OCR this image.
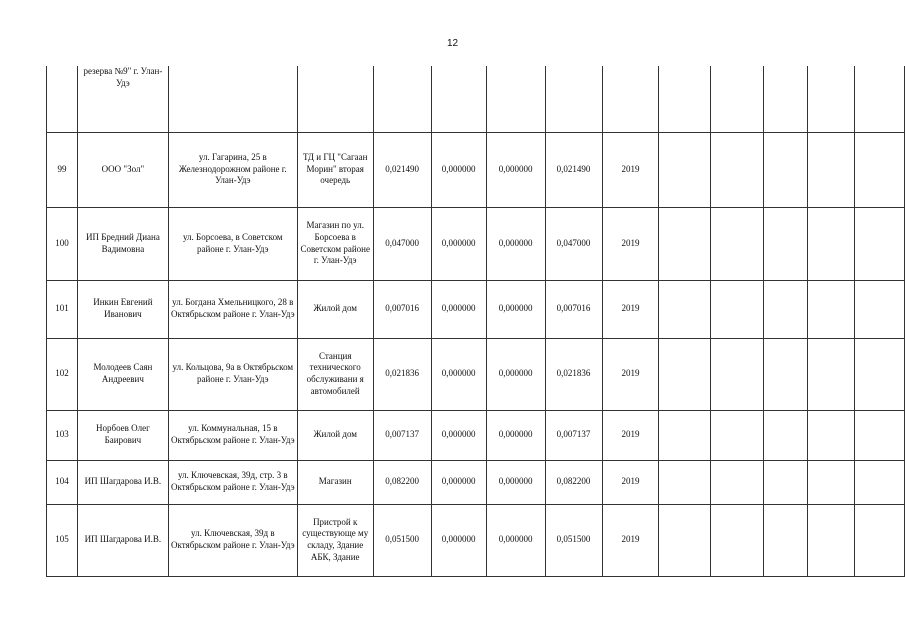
12
	резерва №9" г. Улан-Удэ												
99	ООО "Зол"	ул. Гагарина, 25 в Железнодорожном районе г. Улан-Удэ	ТД и ГЦ "Сагаан Морин" вторая очередь	0,021490	0,000000	0,000000	0,021490	2019					
100	ИП Бредний Диана Вадимовна	ул. Борсоева, в Советском районе г. Улан-Удэ	Магазин по ул. Борсоева в Советском районе г. Улан-Удэ	0,047000	0,000000	0,000000	0,047000	2019					
101	Инкин Евгений Иванович	ул. Богдана Хмельницкого, 28 в Октябрьском районе г. Улан-Удэ	Жилой дом	0,007016	0,000000	0,000000	0,007016	2019					
102	Молодеев Саян Андреевич	ул. Кольцова, 9а в Октябрьском районе г. Улан-Удэ	Станция технического обслуживани я автомобилей	0,021836	0,000000	0,000000	0,021836	2019					
103	Норбоев Олег Баирович	ул. Коммунальная, 15 в Октябрьском районе г. Улан-Удэ	Жилой дом	0,007137	0,000000	0,000000	0,007137	2019					
104	ИП Шагдарова И.В.	ул. Ключевская, 39д, стр. 3 в Октябрьском районе г. Улан-Удэ	Магазин	0,082200	0,000000	0,000000	0,082200	2019					
105	ИП Шагдарова И.В.	ул. Ключевская, 39д в Октябрьском районе г. Улан-Удэ	Пристрой к существующе му складу, Здание АБК, Здание	0,051500	0,000000	0,000000	0,051500	2019					
